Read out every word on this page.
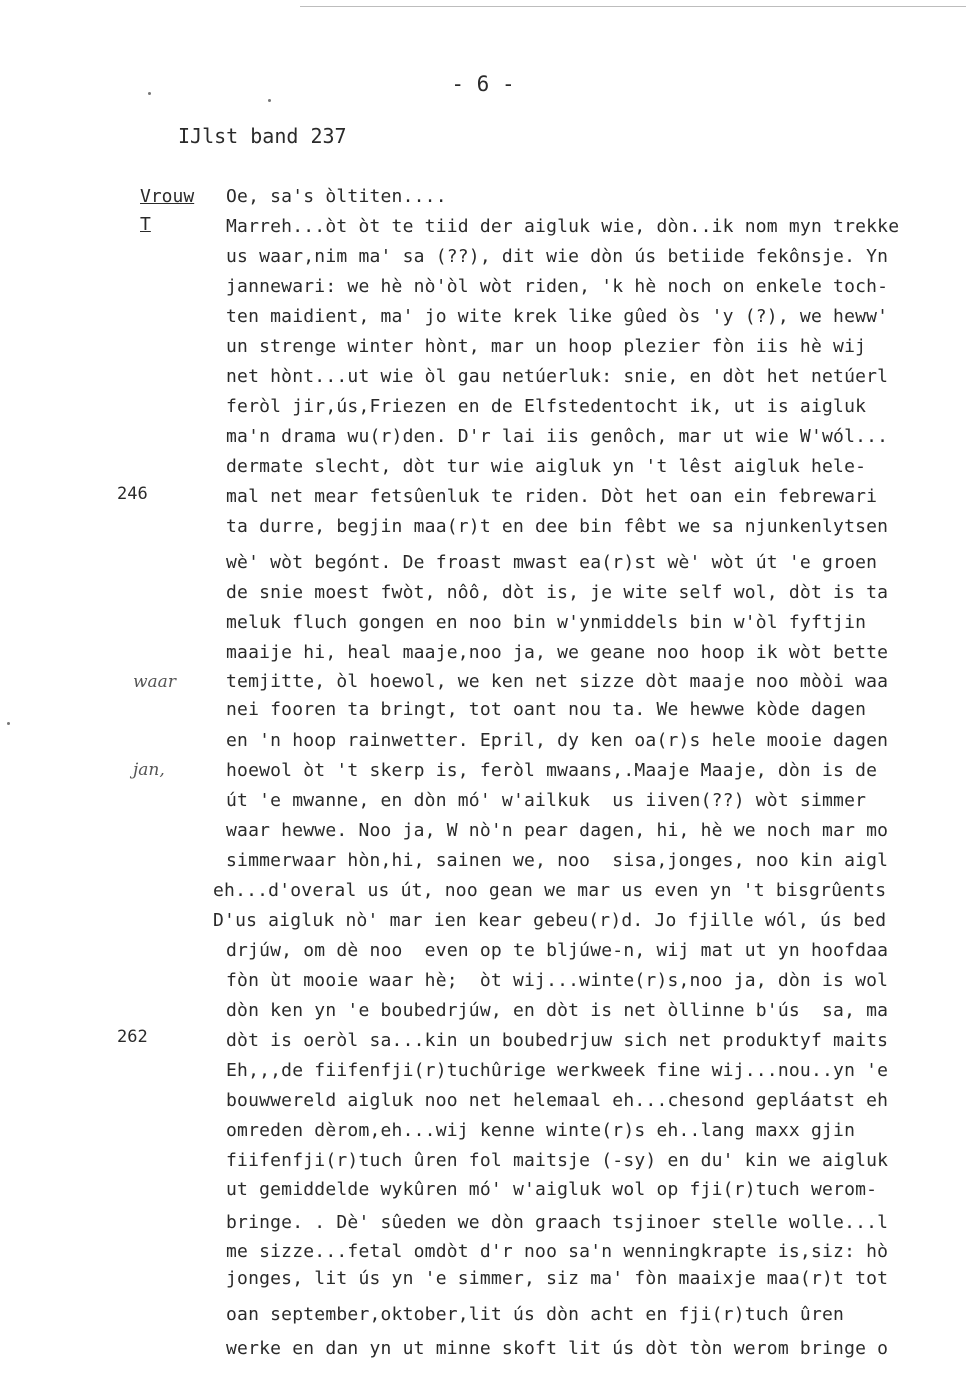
- 6 -
IJlst band 237
Vrouw
T
waar
jan,
246
262
Oe, sa's òltiten....
Marreh...òt òt te tiid der aigluk wie, dòn..ik nom myn trekke
us waar,nim ma' sa (??), dit wie dòn ús betiide fekônsje. Yn
jannewari: we hè nò'òl wòt riden, 'k hè noch on enkele toch-
ten maidient, ma' jo wite krek like gûed òs 'y (?), we heww'
un strenge winter hònt, mar un hoop plezier fòn iis hè wij
net hònt...ut wie òl gau netúerluk: snie, en dòt het netúerl
feròl jir,ús,Friezen en de Elfstedentocht ik, ut is aigluk
ma'n drama wu(r)den. D'r lai iis genôch, mar ut wie W'wól...
dermate slecht, dòt tur wie aigluk yn 't lêst aigluk hele-
mal net mear fetsûenluk te riden. Dòt het oan ein febrewari
ta durre, begjin maa(r)t en dee bin fêbt we sa njunkenlytsen
wè' wòt begónt. De froast mwast ea(r)st wè' wòt út 'e groen
de snie moest fwòt, nôô, dòt is, je wite self wol, dòt is ta
meluk fluch gongen en noo bin w'ynmiddels bin w'òl fyftjin
maaije hi, heal maaje,noo ja, we geane noo hoop ik wòt bette
temjitte, òl hoewol, we ken net sizze dòt maaje noo mòòi waa
nei fooren ta bringt, tot oant nou ta. We hewwe kòde dagen
en 'n hoop rainwetter. Epril, dy ken oa(r)s hele mooie dagen
hoewol òt 't skerp is, feròl mwaans,.Maaje Maaje, dòn is de
út 'e mwanne, en dòn mó' w'ailkuk  us iiven(??) wòt simmer
waar hewwe. Noo ja, W nò'n pear dagen, hi, hè we noch mar mo
simmerwaar hòn,hi, sainen we, noo  sisa,jonges, noo kin aigl
eh...d'overal us út, noo gean we mar us even yn 't bisgrûents
D'us aigluk nò' mar ien kear gebeu(r)d. Jo fjille wól, ús bed
drjúw, om dè noo  even op te bljúwe-n, wij mat ut yn hoofdaa
fòn ùt mooie waar hè;  òt wij...winte(r)s,noo ja, dòn is wol
dòn ken yn 'e boubedrjúw, en dòt is net òllinne b'ús  sa, ma
dòt is oeròl sa...kin un boubedrjuw sich net produktyf maits
Eh,,,de fiifenfji(r)tuchûrige werkweek fine wij...nou..yn 'e
bouwwereld aigluk noo net helemaal eh...chesond gepláatst eh
omreden dèrom,eh...wij kenne winte(r)s eh..lang maxx gjin
fiifenfji(r)tuch ûren fol maitsje (-sy) en du' kin we aigluk
ut gemiddelde wykûren mó' w'aigluk wol op fji(r)tuch werom-
bringe. . Dè' sûeden we dòn graach tsjinoer stelle wolle...l
me sizze...fetal omdòt d'r noo sa'n wenningkrapte is,siz: hò
jonges, lit ús yn 'e simmer, siz ma' fòn maaixje maa(r)t tot
oan september,oktober,lit ús dòn acht en fji(r)tuch ûren
werke en dan yn ut minne skoft lit ús dòt tòn werom bringe o
